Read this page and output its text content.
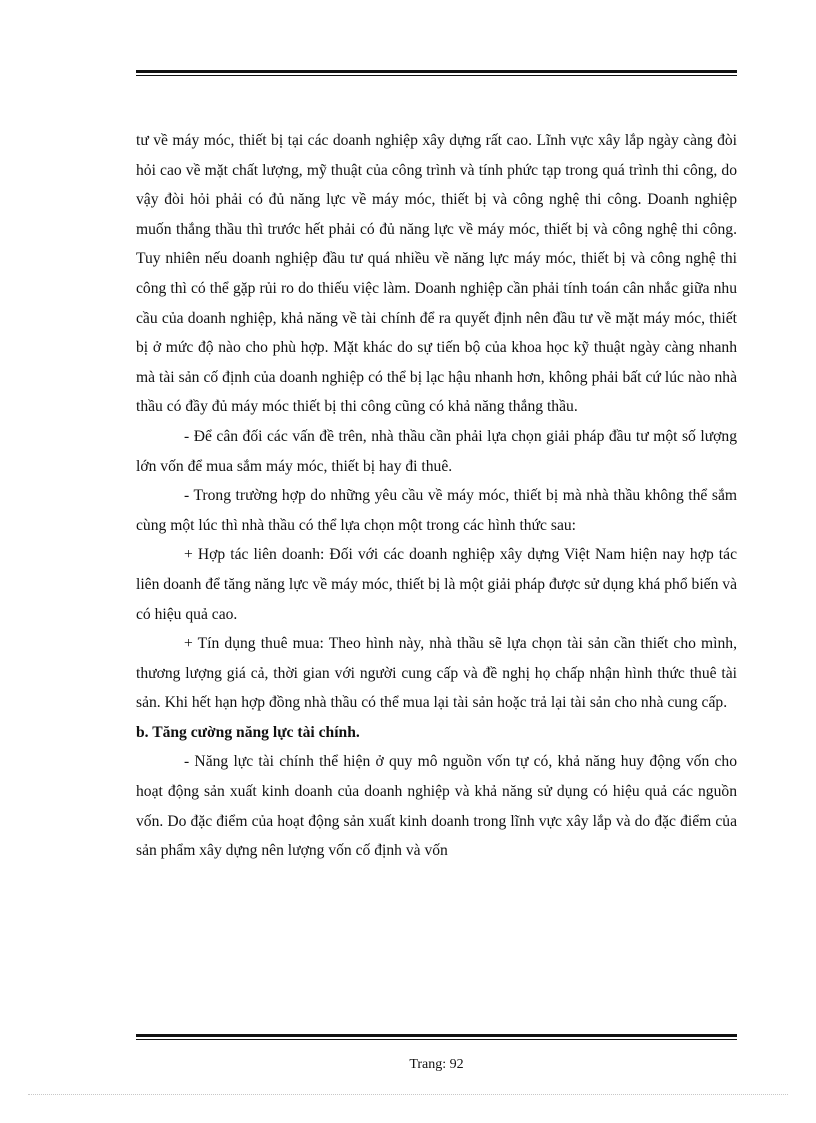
tư về máy móc, thiết bị tại các doanh nghiệp xây dựng rất cao. Lĩnh vực xây lắp ngày càng đòi hỏi cao về mặt chất lượng, mỹ thuật của công trình và tính phức tạp trong quá trình thi công, do vậy đòi hỏi phải có đủ năng lực về máy móc, thiết bị và công nghệ thi công. Doanh nghiệp muốn thắng thầu thì trước hết phải có đủ năng lực về máy móc, thiết bị và công nghệ thi công. Tuy nhiên nếu doanh nghiệp đầu tư quá nhiều về năng lực máy móc, thiết bị và công nghệ thi công thì có thể gặp rủi ro do thiếu việc làm. Doanh nghiệp cần phải tính toán cân nhắc giữa nhu cầu của doanh nghiệp, khả năng về tài chính để ra quyết định nên đầu tư về mặt máy móc, thiết bị ở mức độ nào cho phù hợp. Mặt khác do sự tiến bộ của khoa học kỹ thuật ngày càng nhanh mà tài sản cố định của doanh nghiệp có thể bị lạc hậu nhanh hơn, không phải bất cứ lúc nào nhà thầu có đầy đủ máy móc thiết bị thi công cũng có khả năng thắng thầu.

- Để cân đối các vấn đề trên, nhà thầu cần phải lựa chọn giải pháp đầu tư một số lượng lớn vốn để mua sắm máy móc, thiết bị hay đi thuê.

- Trong trường hợp do những yêu cầu về máy móc, thiết bị mà nhà thầu không thể sắm cùng một lúc thì nhà thầu có thể lựa chọn một trong các hình thức sau:

+ Hợp tác liên doanh: Đối với các doanh nghiệp xây dựng Việt Nam hiện nay hợp tác liên doanh để tăng năng lực về máy móc, thiết bị là một giải pháp được sử dụng khá phổ biến và có hiệu quả cao.

+ Tín dụng thuê mua: Theo hình này, nhà thầu sẽ lựa chọn tài sản cần thiết cho mình, thương lượng giá cả, thời gian với người cung cấp và đề nghị họ chấp nhận hình thức thuê tài sản. Khi hết hạn hợp đồng nhà thầu có thể mua lại tài sản hoặc trả lại tài sản cho nhà cung cấp.

b. Tăng cường năng lực tài chính.

- Năng lực tài chính thể hiện ở quy mô nguồn vốn tự có, khả năng huy động vốn cho hoạt động sản xuất kinh doanh của doanh nghiệp và khả năng sử dụng có hiệu quả các nguồn vốn. Do đặc điểm của hoạt động sản xuất kinh doanh trong lĩnh vực xây lắp và do đặc điểm của sản phẩm xây dựng nên lượng vốn cố định và vốn

Trang: 92
